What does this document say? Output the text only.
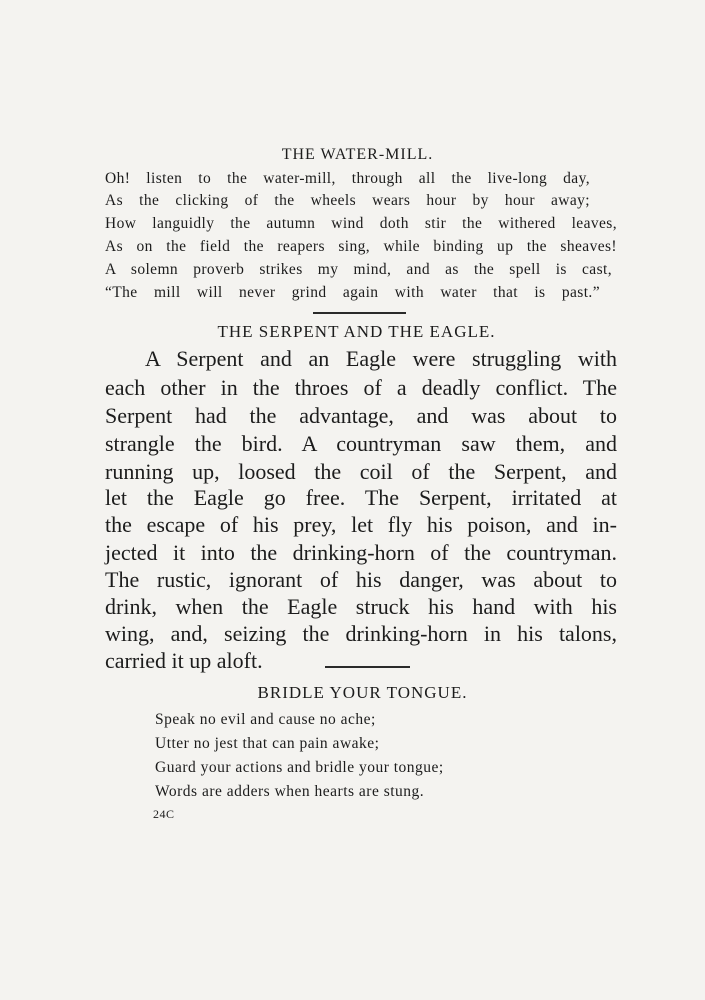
THE WATER-MILL.
Oh! listen to the water-mill, through all the live-long day,
As the clicking of the wheels wears hour by hour away;
How languidly the autumn wind doth stir the withered leaves,
As on the field the reapers sing, while binding up the sheaves!
A solemn proverb strikes my mind, and as the spell is cast,
“The mill will never grind again with water that is past.”
THE SERPENT AND THE EAGLE.
A Serpent and an Eagle were struggling with
each other in the throes of a deadly conflict. The
Serpent had the advantage, and was about to
strangle the bird. A countryman saw them, and
running up, loosed the coil of the Serpent, and
let the Eagle go free. The Serpent, irritated at
the escape of his prey, let fly his poison, and in-
jected it into the drinking-horn of the countryman.
The rustic, ignorant of his danger, was about to
drink, when the Eagle struck his hand with his
wing, and, seizing the drinking-horn in his talons,
carried it up aloft.
BRIDLE YOUR TONGUE.
Speak no evil and cause no ache;
Utter no jest that can pain awake;
Guard your actions and bridle your tongue;
Words are adders when hearts are stung.
24C
